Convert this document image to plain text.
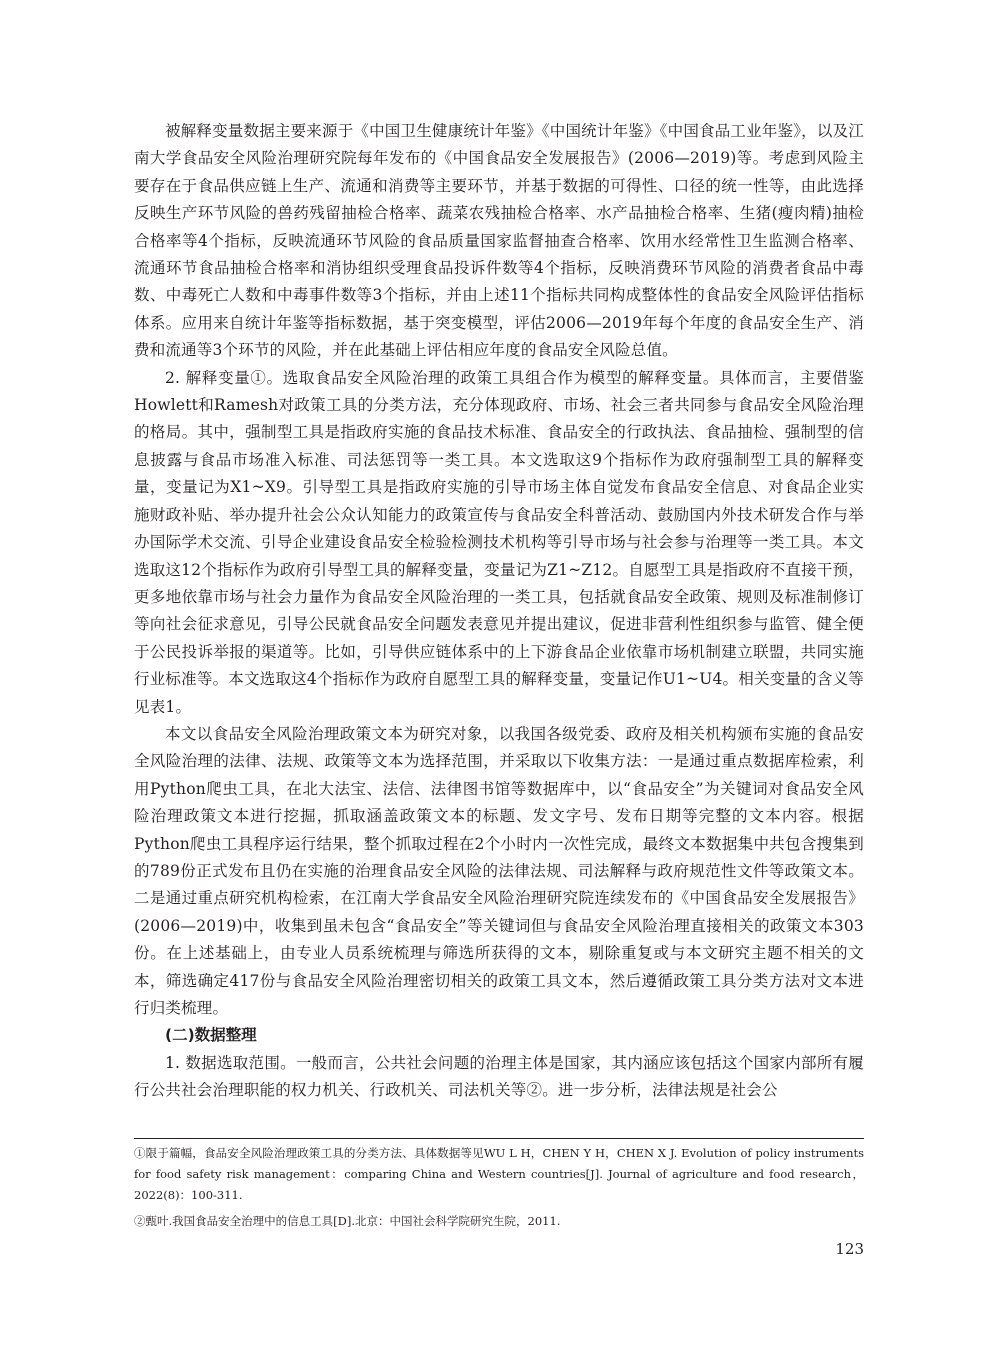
被解释变量数据主要来源于《中国卫生健康统计年鉴》《中国统计年鉴》《中国食品工业年鉴》，以及江南大学食品安全风险治理研究院每年发布的《中国食品安全发展报告》(2006—2019)等。考虑到风险主要存在于食品供应链上生产、流通和消费等主要环节，并基于数据的可得性、口径的统一性等，由此选择反映生产环节风险的兽药残留抽检合格率、蔬菜农残抽检合格率、水产品抽检合格率、生猪(瘦肉精)抽检合格率等4个指标，反映流通环节风险的食品质量国家监督抽查合格率、饮用水经常性卫生监测合格率、流通环节食品抽检合格率和消协组织受理食品投诉件数等4个指标，反映消费环节风险的消费者食品中毒数、中毒死亡人数和中毒事件数等3个指标，并由上述11个指标共同构成整体性的食品安全风险评估指标体系。应用来自统计年鉴等指标数据，基于突变模型，评估2006—2019年每个年度的食品安全生产、消费和流通等3个环节的风险，并在此基础上评估相应年度的食品安全风险总值。

2. 解释变量①。选取食品安全风险治理的政策工具组合作为模型的解释变量。具体而言，主要借鉴Howlett和Ramesh对政策工具的分类方法，充分体现政府、市场、社会三者共同参与食品安全风险治理的格局。其中，强制型工具是指政府实施的食品技术标准、食品安全的行政执法、食品抽检、强制型的信息披露与食品市场准入标准、司法惩罚等一类工具。本文选取这9个指标作为政府强制型工具的解释变量，变量记为X1~X9。引导型工具是指政府实施的引导市场主体自觉发布食品安全信息、对食品企业实施财政补贴、举办提升社会公众认知能力的政策宣传与食品安全科普活动、鼓励国内外技术研发合作与举办国际学术交流、引导企业建设食品安全检验检测技术机构等引导市场与社会参与治理等一类工具。本文选取这12个指标作为政府引导型工具的解释变量，变量记为Z1~Z12。自愿型工具是指政府不直接干预，更多地依靠市场与社会力量作为食品安全风险治理的一类工具，包括就食品安全政策、规则及标准制修订等向社会征求意见，引导公民就食品安全问题发表意见并提出建议，促进非营利性组织参与监管、健全便于公民投诉举报的渠道等。比如，引导供应链体系中的上下游食品企业依靠市场机制建立联盟，共同实施行业标准等。本文选取这4个指标作为政府自愿型工具的解释变量，变量记作U1~U4。相关变量的含义等见表1。

本文以食品安全风险治理政策文本为研究对象，以我国各级党委、政府及相关机构颁布实施的食品安全风险治理的法律、法规、政策等文本为选择范围，并采取以下收集方法：一是通过重点数据库检索，利用Python爬虫工具，在北大法宝、法信、法律图书馆等数据库中，以“食品安全”为关键词对食品安全风险治理政策文本进行挖掘，抓取涵盖政策文本的标题、发文字号、发布日期等完整的文本内容。根据Python爬虫工具程序运行结果，整个抓取过程在2个小时内一次性完成，最终文本数据集中共包含搜集到的789份正式发布且仍在实施的治理食品安全风险的法律法规、司法解释与政府规范性文件等政策文本。二是通过重点研究机构检索，在江南大学食品安全风险治理研究院连续发布的《中国食品安全发展报告》(2006—2019)中，收集到虽未包含“食品安全”等关键词但与食品安全风险治理直接相关的政策文本303份。在上述基础上，由专业人员系统梳理与筛选所获得的文本，剔除重复或与本文研究主题不相关的文本，筛选确定417份与食品安全风险治理密切相关的政策工具文本，然后遵循政策工具分类方法对文本进行归类梳理。

(二)数据整理

1. 数据选取范围。一般而言，公共社会问题的治理主体是国家，其内涵应该包括这个国家内部所有履行公共社会治理职能的权力机关、行政机关、司法机关等②。进一步分析，法律法规是社会公

①限于篇幅，食品安全风险治理政策工具的分类方法、具体数据等见WU L H，CHEN Y H，CHEN X J. Evolution of policy instruments for food safety risk management：comparing China and Western countries[J]. Journal of agriculture and food research，2022(8)：100-311.

②甄叶.我国食品安全治理中的信息工具[D].北京：中国社会科学院研究生院，2011.

123
